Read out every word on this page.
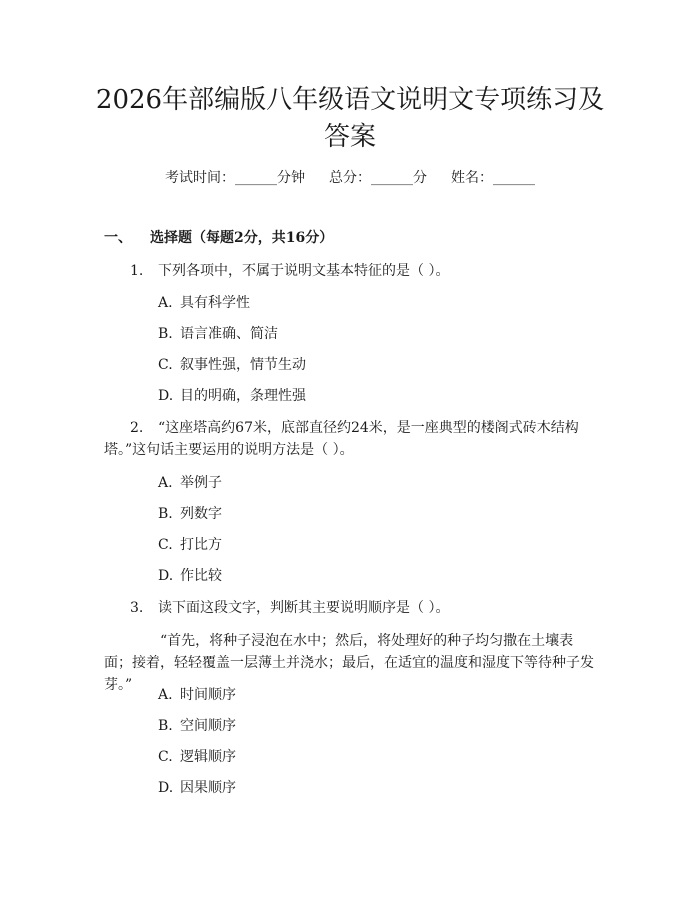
2026年部编版八年级语文说明文专项练习及答案
考试时间：______分钟 总分：______分 姓名：______
一、 选择题（每题2分，共16分）

1. 下列各项中，不属于说明文基本特征的是（ ）。

A. 具有科学性
B. 语言准确、简洁
C. 叙事性强，情节生动
D. 目的明确，条理性强

2. “这座塔高约67米，底部直径约24米，是一座典型的楼阁式砖木结构塔。”这句话主要运用的说明方法是（ ）。

A. 举例子
B. 列数字
C. 打比方
D. 作比较

3. 读下面这段文字，判断其主要说明顺序是（ ）。

“首先，将种子浸泡在水中；然后，将处理好的种子均匀撒在土壤表面；接着，轻轻覆盖一层薄土并浇水；最后，在适宜的温度和湿度下等待种子发芽。”

A. 时间顺序
B. 空间顺序
C. 逻辑顺序
D. 因果顺序
